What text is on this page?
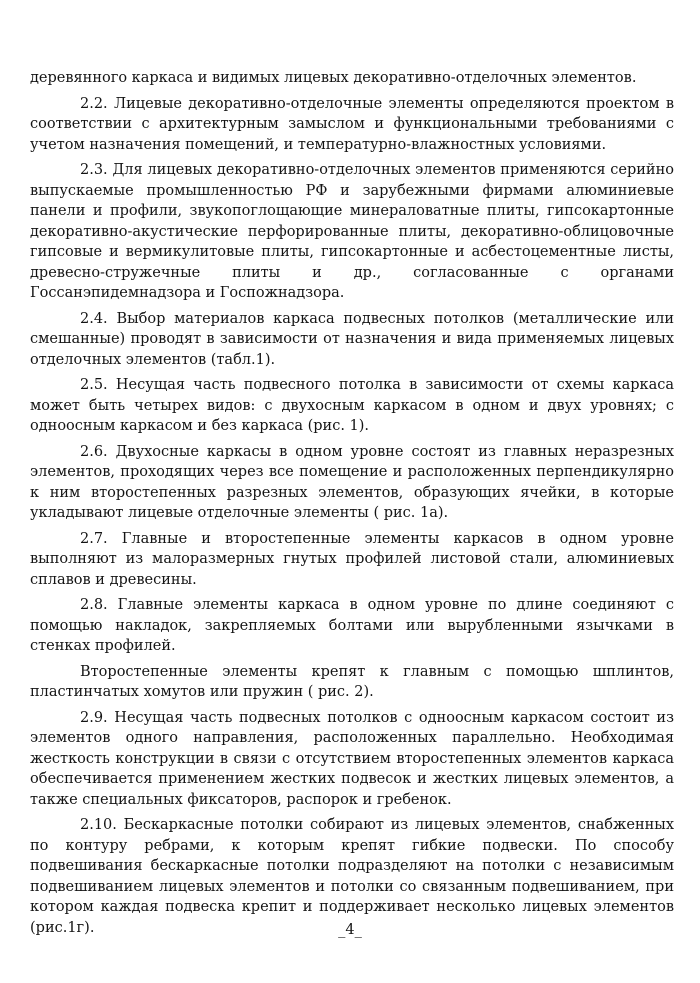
деревянного каркаса и видимых лицевых декоративно-отделочных элементов.

2.2. Лицевые декоративно-отделочные элементы определяются проектом в соответствии с архитектурным замыслом и функциональными требованиями с учетом назначения помещений, и температурно-влажностных условиями.

2.3. Для лицевых декоративно-отделочных элементов применяются серийно выпускаемые промышленностью РФ и зарубежными фирмами алюминиевые панели и профили, звукопоглощающие минераловатные плиты, гипсокартонные декоративно-акустические перфорированные плиты, декоративно-облицовочные гипсовые и вермикулитовые плиты, гипсокартонные и асбестоцементные листы, древесно-стружечные плиты и др., согласованные с органами Госсанэпидемнадзора и Госпожнадзора.

2.4. Выбор материалов каркаса подвесных потолков (металлические или смешанные) проводят в зависимости от назначения и вида применяемых лицевых отделочных элементов (табл.1).

2.5. Несущая часть подвесного потолка в зависимости от схемы каркаса может быть четырех видов: с двухосным каркасом в одном и двух уровнях; с одноосным каркасом и без каркаса (рис. 1).

2.6. Двухосные каркасы в одном уровне состоят из главных неразрезных элементов, проходящих через все помещение и расположенных перпендикулярно к ним второстепенных разрезных элементов, образующих ячейки, в которые укладывают лицевые отделочные элементы ( рис. 1а).

2.7. Главные и второстепенные элементы каркасов в одном уровне выполняют из малоразмерных гнутых профилей листовой стали, алюминиевых сплавов и древесины.

2.8. Главные элементы каркаса в одном уровне по длине соединяют с помощью накладок, закрепляемых болтами или вырубленными язычками в стенках профилей.

Второстепенные элементы крепят к главным с помощью шплинтов, пластинчатых хомутов или пружин ( рис. 2).

2.9. Несущая часть подвесных потолков с одноосным каркасом состоит из элементов одного направления, расположенных параллельно. Необходимая жесткость конструкции в связи с отсутствием второстепенных элементов каркаса обеспечивается применением жестких подвесок и жестких лицевых элементов, а также специальных фиксаторов, распорок и гребенок.

2.10. Бескаркасные потолки собирают из лицевых элементов, снабженных по контуру ребрами, к которым крепят гибкие подвески. По способу подвешивания бескаркасные потолки подразделяют на потолки с независимым подвешиванием лицевых элементов и потолки со связанным подвешиванием, при котором каждая подвеска крепит и поддерживает несколько лицевых элементов (рис.1г).	_4_
